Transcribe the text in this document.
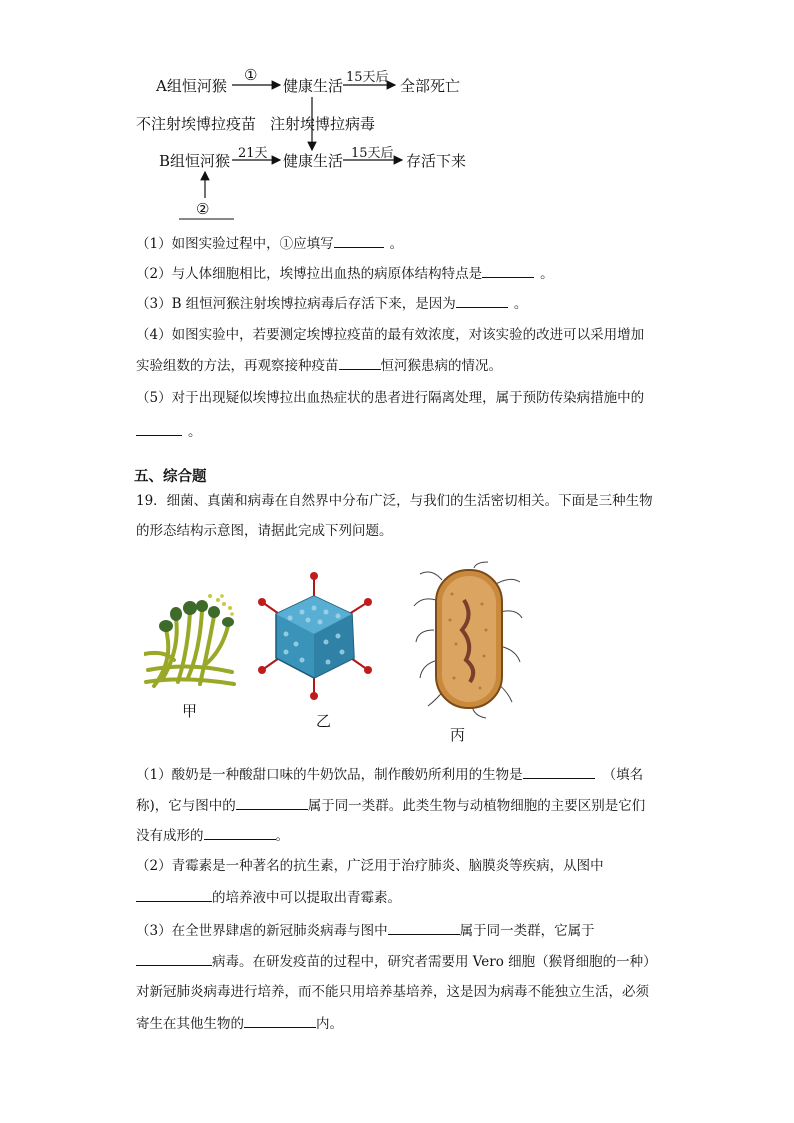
A组恒河猴
①
健康生活 15天后 全部死亡
不注射埃博拉疫苗 注射埃博拉病毒
B组恒河猴 21天 健康生活 15天后 存活下来
②
（1）如图实验过程中，①应填写	。
（2）与人体细胞相比，埃博拉出血热的病原体结构特点是	。
（3）B 组恒河猴注射埃博拉病毒后存活下来，是因为	。
（4）如图实验中，若要测定埃博拉疫苗的最有效浓度，对该实验的改进可以采用增加
实验组数的方法，再观察接种疫苗	恒河猴患病的情况。
（5）对于出现疑似埃博拉出血热症状的患者进行隔离处理，属于预防传染病措施中的
。
五、综合题
19．细菌、真菌和病毒在自然界中分布广泛，与我们的生活密切相关。下面是三种生物
的形态结构示意图，请据此完成下列问题。
甲
乙
丙
（1）酸奶是一种酸甜口味的牛奶饮品，制作酸奶所利用的生物是	（填名
称)，它与图中的	属于同一类群。此类生物与动植物细胞的主要区别是它们
没有成形的	。
（2）青霉素是一种著名的抗生素，广泛用于治疗肺炎、脑膜炎等疾病，从图中
的培养液中可以提取出青霉素。
（3）在全世界肆虐的新冠肺炎病毒与图中	属于同一类群，它属于
病毒。在研发疫苗的过程中，研究者需要用 Vero 细胞（猴肾细胞的一种）
对新冠肺炎病毒进行培养，而不能只用培养基培养，这是因为病毒不能独立生活，必须
寄生在其他生物的	内。
